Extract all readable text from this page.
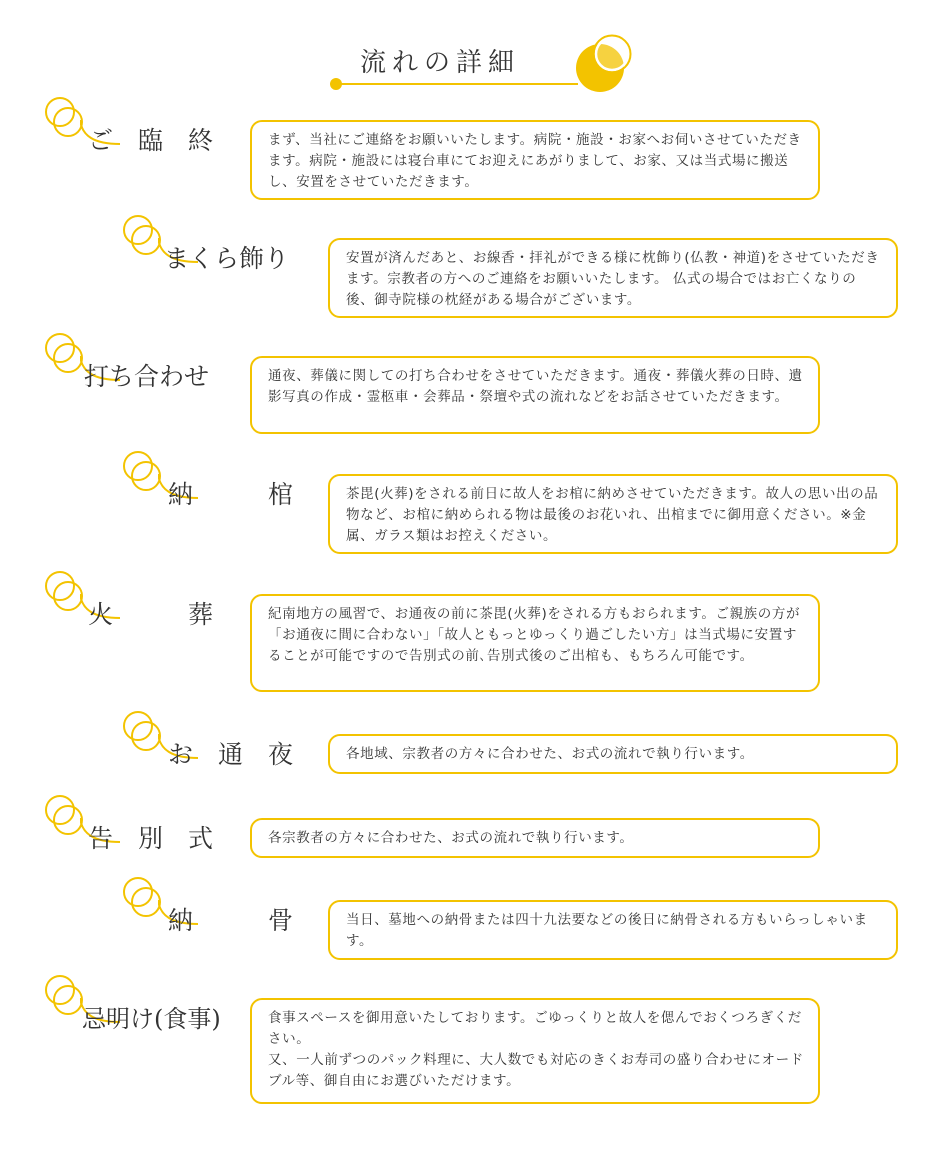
流れの詳細
ご　臨　終	まず、当社にご連絡をお願いいたします。病院・施設・お家へお伺いさせていただきます。病院・施設には寝台車にてお迎えにあがりまして、お家、又は当式場に搬送し、安置をさせていただきます。
まくら飾り	安置が済んだあと、お線香・拝礼ができる様に枕飾り(仏教・神道)をさせていただきます。宗教者の方へのご連絡をお願いいたします。 仏式の場合ではお亡くなりの後、御寺院様の枕経がある場合がございます。
打ち合わせ	通夜、葬儀に関しての打ち合わせをさせていただきます。通夜・葬儀火葬の日時、遺影写真の作成・霊柩車・会葬品・祭壇や式の流れなどをお話させていただきます。
納　　　棺	茶毘(火葬)をされる前日に故人をお棺に納めさせていただきます。故人の思い出の品物など、お棺に納められる物は最後のお花いれ、出棺までに御用意ください。※金属、ガラス類はお控えください。
火　　　葬	紀南地方の風習で、お通夜の前に茶毘(火葬)をされる方もおられます。ご親族の方が「お通夜に間に合わない」「故人ともっとゆっくり過ごしたい方」は当式場に安置することが可能ですので告別式の前､告別式後のご出棺も、もちろん可能です。
お　通　夜	各地域、宗教者の方々に合わせた、お式の流れで執り行います。
告　別　式	各宗教者の方々に合わせた、お式の流れで執り行います。
納　　　骨	当日、墓地への納骨または四十九法要などの後日に納骨される方もいらっしゃいます。
忌明け(食事)	食事スペースを御用意いたしております。ごゆっくりと故人を偲んでおくつろぎください。
又、一人前ずつのパック料理に、大人数でも対応のきくお寿司の盛り合わせにオードブル等、御自由にお選びいただけます。
